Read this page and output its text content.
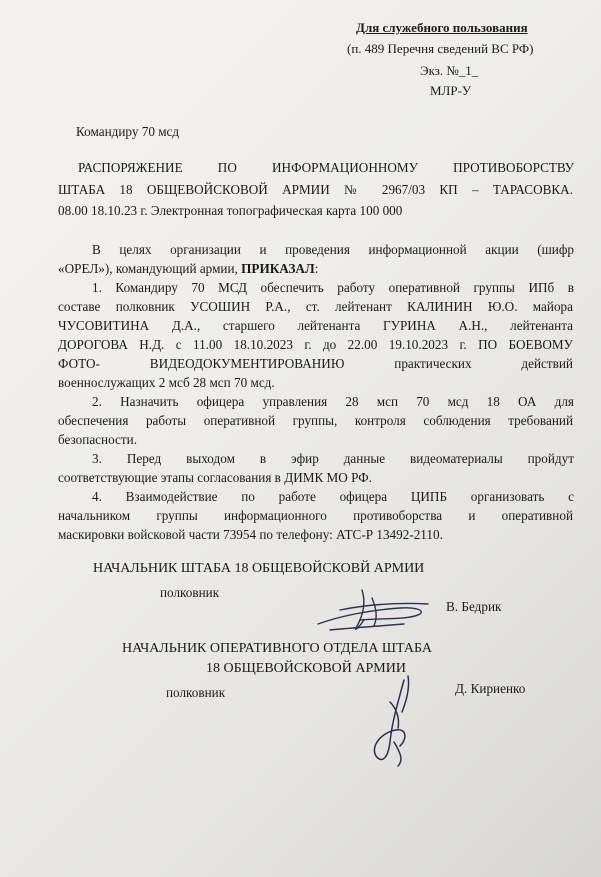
Для служебного пользования
(п. 489 Перечня сведений ВС РФ)
Экз. №_1_
МЛР-У
Командиру 70 мсд
РАСПОРЯЖЕНИЕ ПО ИНФОРМАЦИОННОМУ ПРОТИВОБОРСТВУ
ШТАБА 18 ОБЩЕВОЙСКОВОЙ АРМИИ № 2967/03 КП – ТАРАСОВКА.
08.00 18.10.23 г. Электронная топографическая карта 100 000
В целях организации и проведения информационной акции (шифр
«ОРЕЛ»), командующий армии, ПРИКАЗАЛ:
1. Командиру 70 МСД обеспечить работу оперативной группы ИПб в
составе полковник УСОШИН Р.А., ст. лейтенант КАЛИНИН Ю.О. майора
ЧУСОВИТИНА Д.А., старшего лейтенанта ГУРИНА А.Н., лейтенанта
ДОРОГОВА Н.Д. с 11.00 18.10.2023 г. до 22.00 19.10.2023 г. ПО БОЕВОМУ
ФОТО- ВИДЕОДОКУМЕНТИРОВАНИЮ практических действий
военнослужащих 2 мсб 28 мсп 70 мсд.
2. Назначить офицера управления 28 мсп 70 мсд 18 ОА для
обеспечения работы оперативной группы, контроля соблюдения требований
безопасности.
3. Перед выходом в эфир данные видеоматериалы пройдут
соответствующие этапы согласования в ДИМК МО РФ.
4. Взаимодействие по работе офицера ЦИПБ организовать с
начальником группы информационного противоборства и оперативной
маскировки войсковой части 73954 по телефону: АТС-Р 13492-2110.
НАЧАЛЬНИК ШТАБА 18 ОБЩЕВОЙСКОВЙ АРМИИ
полковник
В. Бедрик
НАЧАЛЬНИК ОПЕРАТИВНОГО ОТДЕЛА ШТАБА
18 ОБЩЕВОЙСКОВОЙ АРМИИ
полковник	Д. Кириенко
